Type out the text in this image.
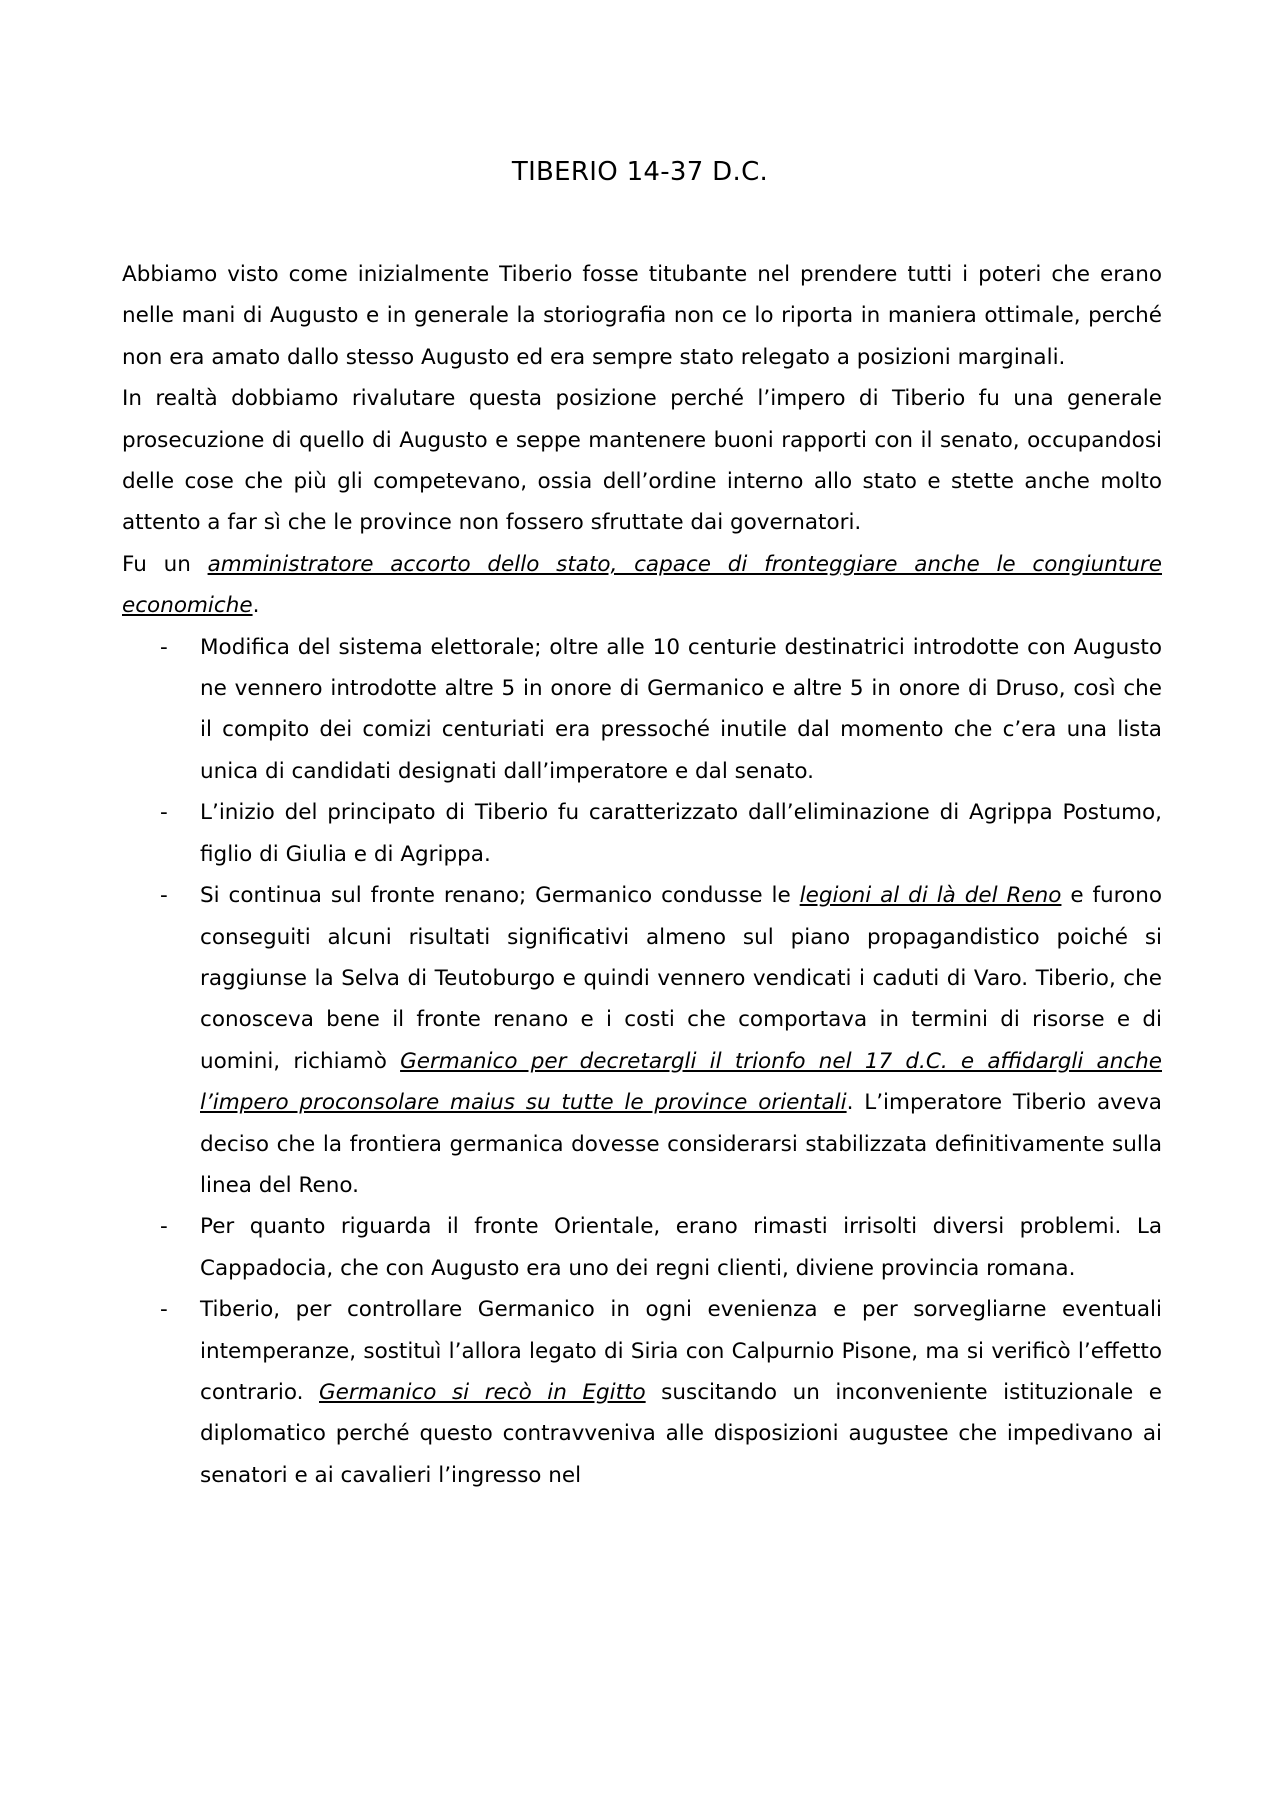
TIBERIO 14-37 D.C.

Abbiamo visto come inizialmente Tiberio fosse titubante nel prendere tutti i poteri che erano nelle mani di Augusto e in generale la storiografia non ce lo riporta in maniera ottimale, perché non era amato dallo stesso Augusto ed era sempre stato relegato a posizioni marginali.

In realtà dobbiamo rivalutare questa posizione perché l’impero di Tiberio fu una generale prosecuzione di quello di Augusto e seppe mantenere buoni rapporti con il senato, occupandosi delle cose che più gli competevano, ossia dell’ordine interno allo stato e stette anche molto attento a far sì che le province non fossero sfruttate dai governatori.

Fu un amministratore accorto dello stato, capace di fronteggiare anche le congiunture economiche.

- Modifica del sistema elettorale; oltre alle 10 centurie destinatrici introdotte con Augusto ne vennero introdotte altre 5 in onore di Germanico e altre 5 in onore di Druso, così che il compito dei comizi centuriati era pressoché inutile dal momento che c’era una lista unica di candidati designati dall’imperatore e dal senato.
- L’inizio del principato di Tiberio fu caratterizzato dall’eliminazione di Agrippa Postumo, figlio di Giulia e di Agrippa.
- Si continua sul fronte renano; Germanico condusse le legioni al di là del Reno e furono conseguiti alcuni risultati significativi almeno sul piano propagandistico poiché si raggiunse la Selva di Teutoburgo e quindi vennero vendicati i caduti di Varo. Tiberio, che conosceva bene il fronte renano e i costi che comportava in termini di risorse e di uomini, richiamò Germanico per decretargli il trionfo nel 17 d.C. e affidargli anche l’impero proconsolare maius su tutte le province orientali. L’imperatore Tiberio aveva deciso che la frontiera germanica dovesse considerarsi stabilizzata definitivamente sulla linea del Reno.
- Per quanto riguarda il fronte Orientale, erano rimasti irrisolti diversi problemi. La Cappadocia, che con Augusto era uno dei regni clienti, diviene provincia romana.
- Tiberio, per controllare Germanico in ogni evenienza e per sorvegliarne eventuali intemperanze, sostituì l’allora legato di Siria con Calpurnio Pisone, ma si verificò l’effetto contrario. Germanico si recò in Egitto suscitando un inconveniente istituzionale e diplomatico perché questo contravveniva alle disposizioni augustee che impedivano ai senatori e ai cavalieri l’ingresso nel
